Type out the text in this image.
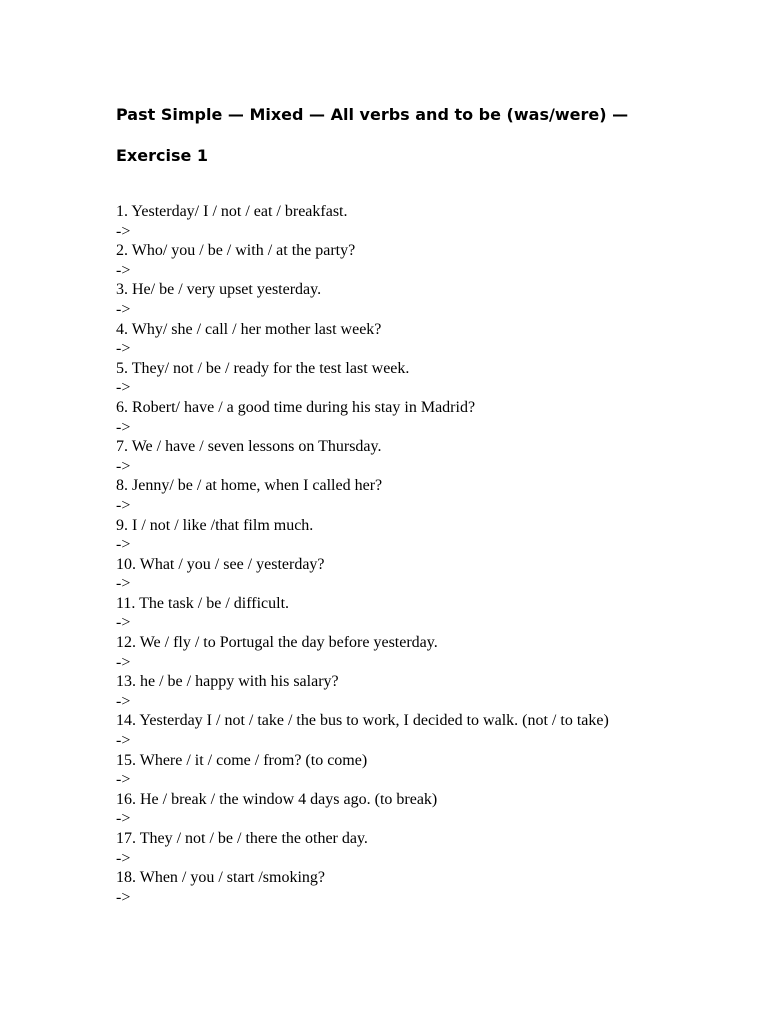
Past Simple — Mixed — All verbs and to be (was/were) —
Exercise 1
1. Yesterday/ I / not / eat / breakfast.
->
2. Who/ you / be / with / at the party?
->
3. He/ be / very upset yesterday.
->
4. Why/ she / call / her mother last week?
->
5. They/ not / be / ready for the test last week.
->
6. Robert/ have / a good time during his stay in Madrid?
->
7. We / have / seven lessons on Thursday.
->
8. Jenny/ be / at home, when I called her?
->
9. I / not / like /that film much.
->
10. What / you / see / yesterday?
->
11. The task / be / difficult.
->
12. We / fly / to Portugal the day before yesterday.
->
13. he / be / happy with his salary?
->
14. Yesterday I / not / take / the bus to work, I decided to walk. (not / to take)
->
15. Where / it / come / from? (to come)
->
16. He / break / the window 4 days ago. (to break)
->
17. They / not / be / there the other day.
->
18. When / you / start /smoking?
->
